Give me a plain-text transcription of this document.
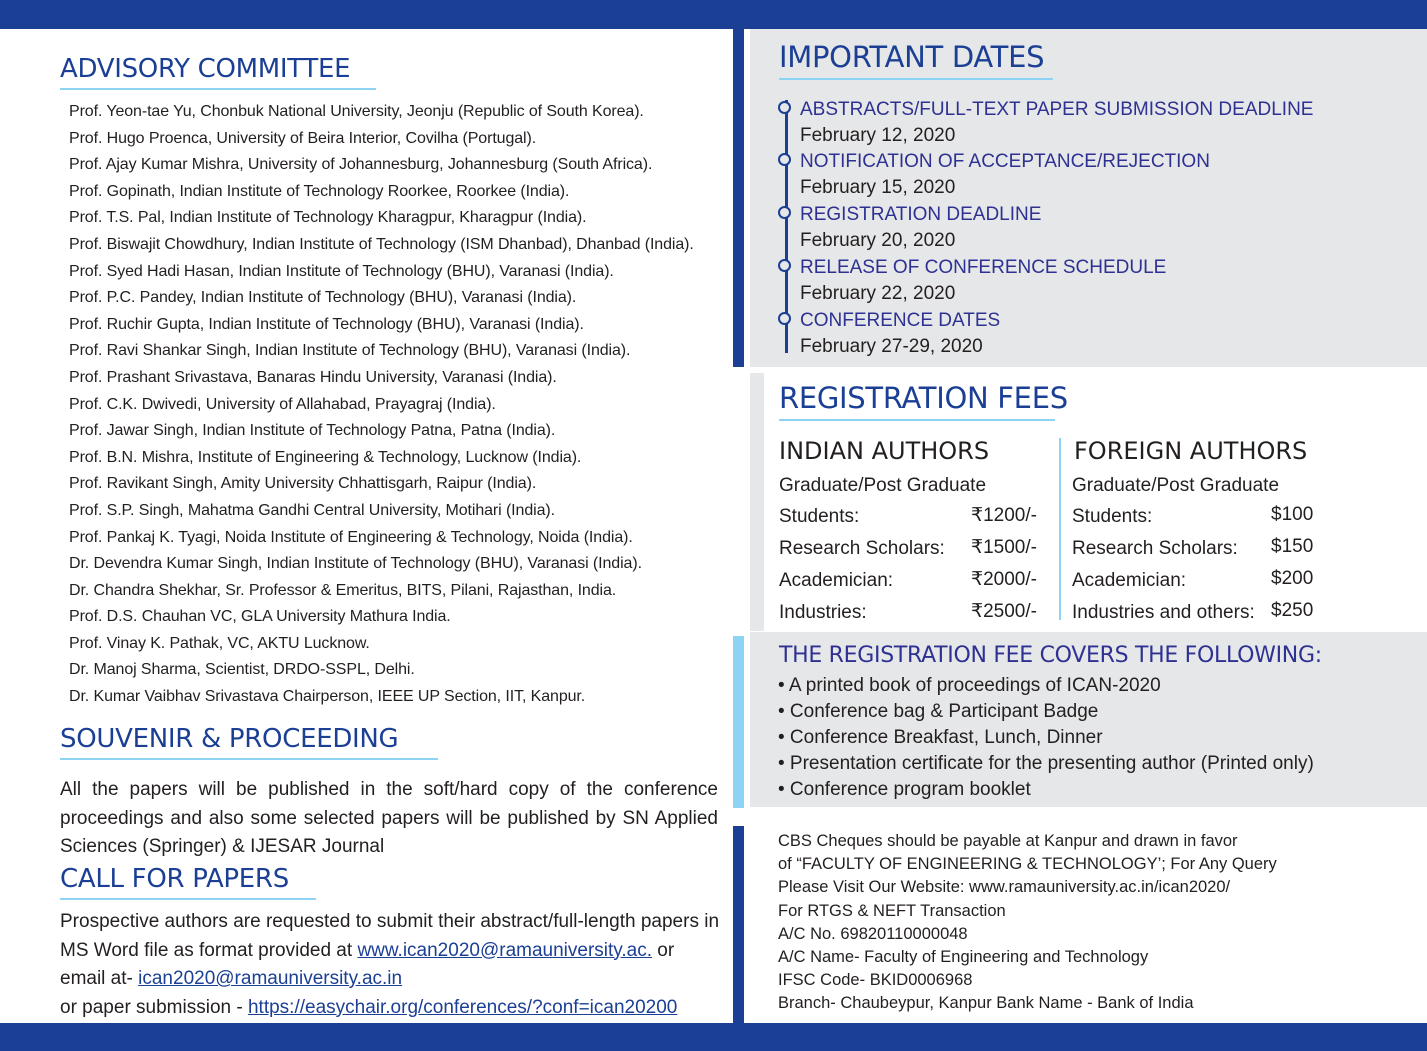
ADVISORY COMMITTEE
Prof. Yeon-tae Yu, Chonbuk National University, Jeonju (Republic of South Korea).
Prof. Hugo Proenca, University of Beira Interior, Covilha (Portugal).
Prof. Ajay Kumar Mishra, University of Johannesburg, Johannesburg (South Africa).
Prof. Gopinath, Indian Institute of Technology Roorkee, Roorkee (India).
Prof. T.S. Pal, Indian Institute of Technology Kharagpur, Kharagpur (India).
Prof. Biswajit Chowdhury, Indian Institute of Technology (ISM Dhanbad), Dhanbad (India).
Prof. Syed Hadi Hasan, Indian Institute of Technology (BHU), Varanasi (India).
Prof. P.C. Pandey, Indian Institute of Technology (BHU), Varanasi (India).
Prof. Ruchir Gupta, Indian Institute of Technology (BHU), Varanasi (India).
Prof. Ravi Shankar Singh, Indian Institute of Technology (BHU), Varanasi (India).
Prof. Prashant Srivastava, Banaras Hindu University, Varanasi (India).
Prof. C.K. Dwivedi, University of Allahabad, Prayagraj (India).
Prof. Jawar Singh, Indian Institute of Technology Patna, Patna (India).
Prof. B.N. Mishra, Institute of Engineering & Technology, Lucknow (India).
Prof. Ravikant Singh, Amity University Chhattisgarh, Raipur (India).
Prof. S.P. Singh, Mahatma Gandhi Central University, Motihari (India).
Prof. Pankaj K. Tyagi, Noida Institute of Engineering & Technology, Noida (India).
Dr. Devendra Kumar Singh, Indian Institute of Technology (BHU), Varanasi (India).
Dr. Chandra Shekhar, Sr. Professor & Emeritus, BITS, Pilani, Rajasthan, India.
Prof. D.S. Chauhan VC, GLA University Mathura India.
Prof. Vinay K. Pathak, VC, AKTU Lucknow.
Dr. Manoj Sharma, Scientist, DRDO-SSPL, Delhi.
Dr. Kumar Vaibhav Srivastava Chairperson, IEEE UP Section, IIT, Kanpur.
SOUVENIR & PROCEEDING
All the papers will be published in the soft/hard copy of the conference proceedings and also some selected papers will be published by SN Applied Sciences (Springer) & IJESAR Journal
CALL FOR PAPERS
Prospective authors are requested to submit their abstract/full-length papers in MS Word file as format provided at www.ican2020@ramauniversity.ac. or email at- ican2020@ramauniversity.ac.in
or paper submission - https://easychair.org/conferences/?conf=ican20200
IMPORTANT DATES
ABSTRACTS/FULL-TEXT PAPER SUBMISSION DEADLINE
February 12, 2020
NOTIFICATION OF ACCEPTANCE/REJECTION
February 15, 2020
REGISTRATION DEADLINE
February 20, 2020
RELEASE OF CONFERENCE SCHEDULE
February 22, 2020
CONFERENCE DATES
February 27-29, 2020
REGISTRATION FEES
INDIAN AUTHORS
Graduate/Post Graduate
Students:	₹1200/-
Research Scholars: ₹1500/-
Academician:	₹2000/-
Industries:	₹2500/-
FOREIGN AUTHORS
Graduate/Post Graduate
Students:	$100
Research Scholars: $150
Academician:	$200
Industries and others: $250
THE REGISTRATION FEE COVERS THE FOLLOWING:
• A printed book of proceedings of ICAN-2020
• Conference bag & Participant Badge
• Conference Breakfast, Lunch, Dinner
• Presentation certificate for the presenting author (Printed only)
• Conference program booklet
CBS Cheques should be payable at Kanpur and drawn in favor
of “FACULTY OF ENGINEERING & TECHNOLOGY’; For Any Query
Please Visit Our Website: www.ramauniversity.ac.in/ican2020/
For RTGS & NEFT Transaction
A/C No. 69820110000048
A/C Name- Faculty of Engineering and Technology
IFSC Code- BKID0006968
Branch- Chaubeypur, Kanpur Bank Name - Bank of India
